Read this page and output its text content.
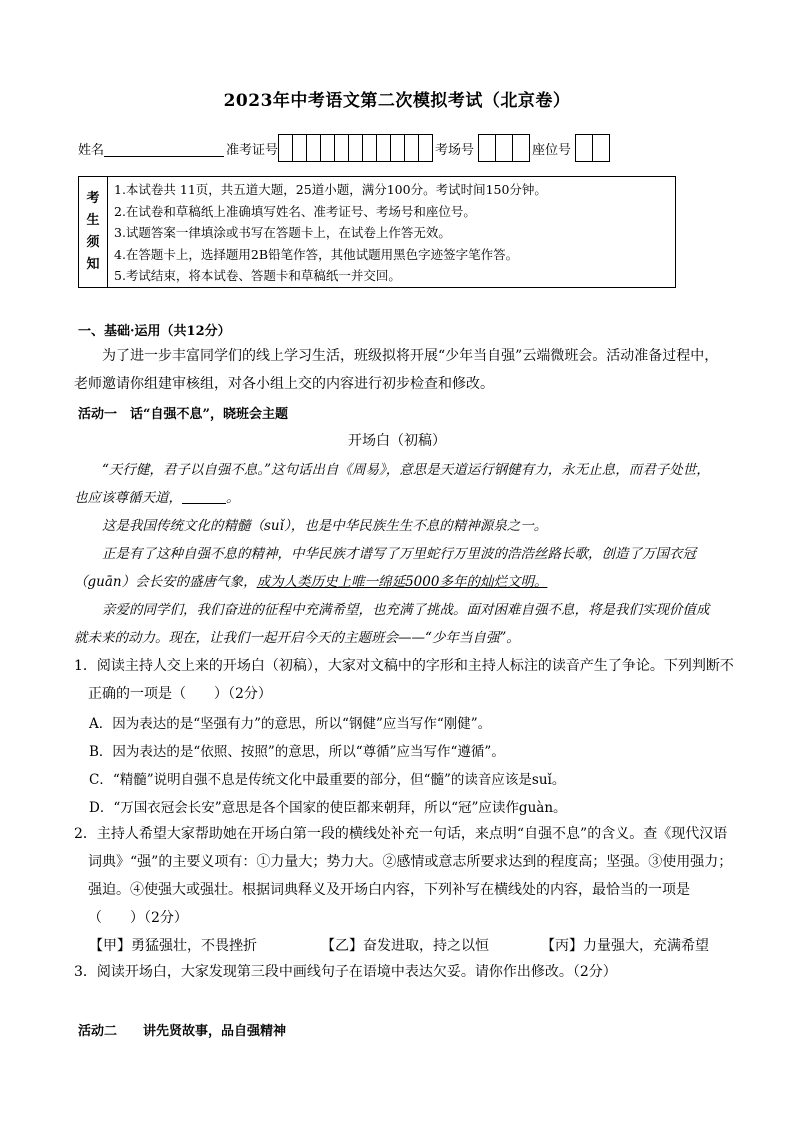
2023年中考语文第二次模拟考试（北京卷）
姓名	准考证号	考场号	座位号
考
生
须
知
1.本试卷共 11页，共五道大题，25道小题，满分100分。考试时间150分钟。
2.在试卷和草稿纸上准确填写姓名、准考证号、考场号和座位号。
3.试题答案一律填涂或书写在答题卡上，在试卷上作答无效。
4.在答题卡上，选择题用2B铅笔作答，其他试题用黑色字迹签字笔作答。
5.考试结束，将本试卷、答题卡和草稿纸一并交回。
一、基础·运用（共12分）
为了进一步丰富同学们的线上学习生活，班级拟将开展“少年当自强”云端微班会。活动准备过程中，老师邀请你组建审核组，对各小组上交的内容进行初步检查和修改。
活动一　话“自强不息”，晓班会主题
开场白（初稿）
“天行健，君子以自强不息。”这句话出自《周易》，意思是天道运行钢健有力，永无止息，而君子处世，也应该尊循天道，	。
这是我国传统文化的精髓（suǐ），也是中华民族生生不息的精神源泉之一。
正是有了这种自强不息的精神，中华民族才谱写了万里蛇行万里波的浩浩丝路长歌，创造了万国衣冠（guān）会长安的盛唐气象，成为人类历史上唯一绵延5000多年的灿烂文明。
亲爱的同学们，我们奋进的征程中充满希望，也充满了挑战。面对困难自强不息，将是我们实现价值成就未来的动力。现在，让我们一起开启今天的主题班会——“少年当自强”。
1．阅读主持人交上来的开场白（初稿），大家对文稿中的字形和主持人标注的读音产生了争论。下列判断不正确的一项是（　　）（2分）
A．因为表达的是“坚强有力”的意思，所以“钢健”应当写作“刚健”。
B．因为表达的是“依照、按照”的意思，所以“尊循”应当写作“遵循”。
C．“精髓”说明自强不息是传统文化中最重要的部分，但“髓”的读音应该是suǐ。
D．“万国衣冠会长安”意思是各个国家的使臣都来朝拜，所以“冠”应读作guàn。
2．主持人希望大家帮助她在开场白第一段的横线处补充一句话，来点明“自强不息”的含义。查《现代汉语词典》“强”的主要义项有：①力量大；势力大。②感情或意志所要求达到的程度高；坚强。③使用强力；强迫。④使强大或强壮。根据词典释义及开场白内容，下列补写在横线处的内容，最恰当的一项是（　　）（2分）
【甲】勇猛强壮，不畏挫折	【乙】奋发进取，持之以恒	【丙】力量强大，充满希望
3．阅读开场白，大家发现第三段中画线句子在语境中表达欠妥。请你作出修改。（2分）
活动二　　讲先贤故事，品自强精神
